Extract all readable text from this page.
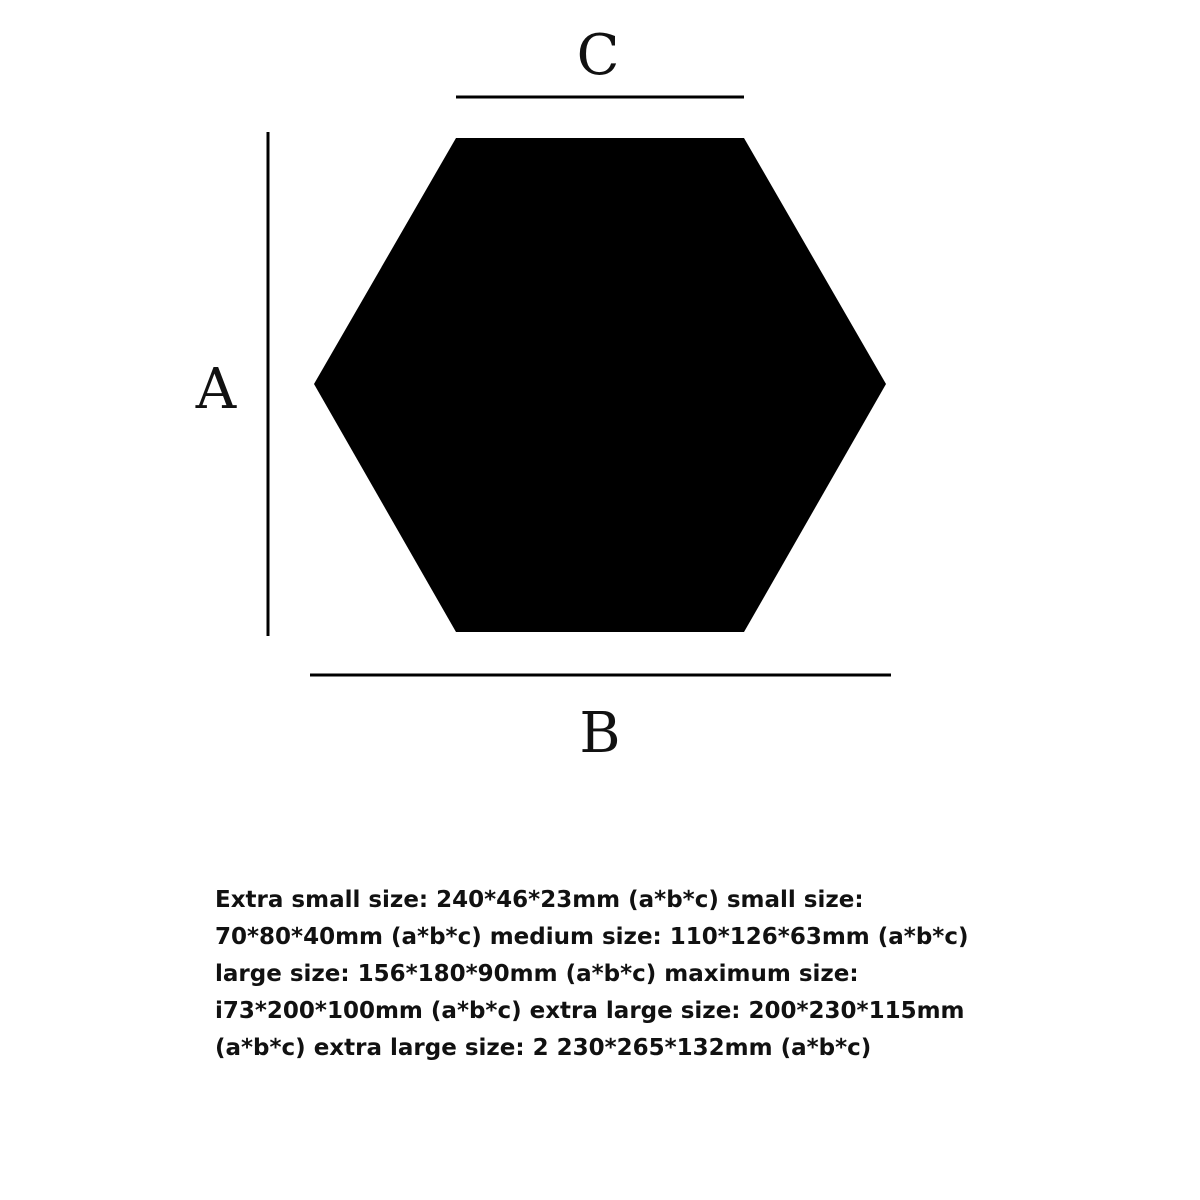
C
A
B

Extra small size: 240*46*23mm (a*b*c) small size:
70*80*40mm (a*b*c) medium size: 110*126*63mm (a*b*c)
large size: 156*180*90mm (a*b*c) maximum size:
i73*200*100mm (a*b*c) extra large size: 200*230*115mm
(a*b*c) extra large size: 2 230*265*132mm (a*b*c)
